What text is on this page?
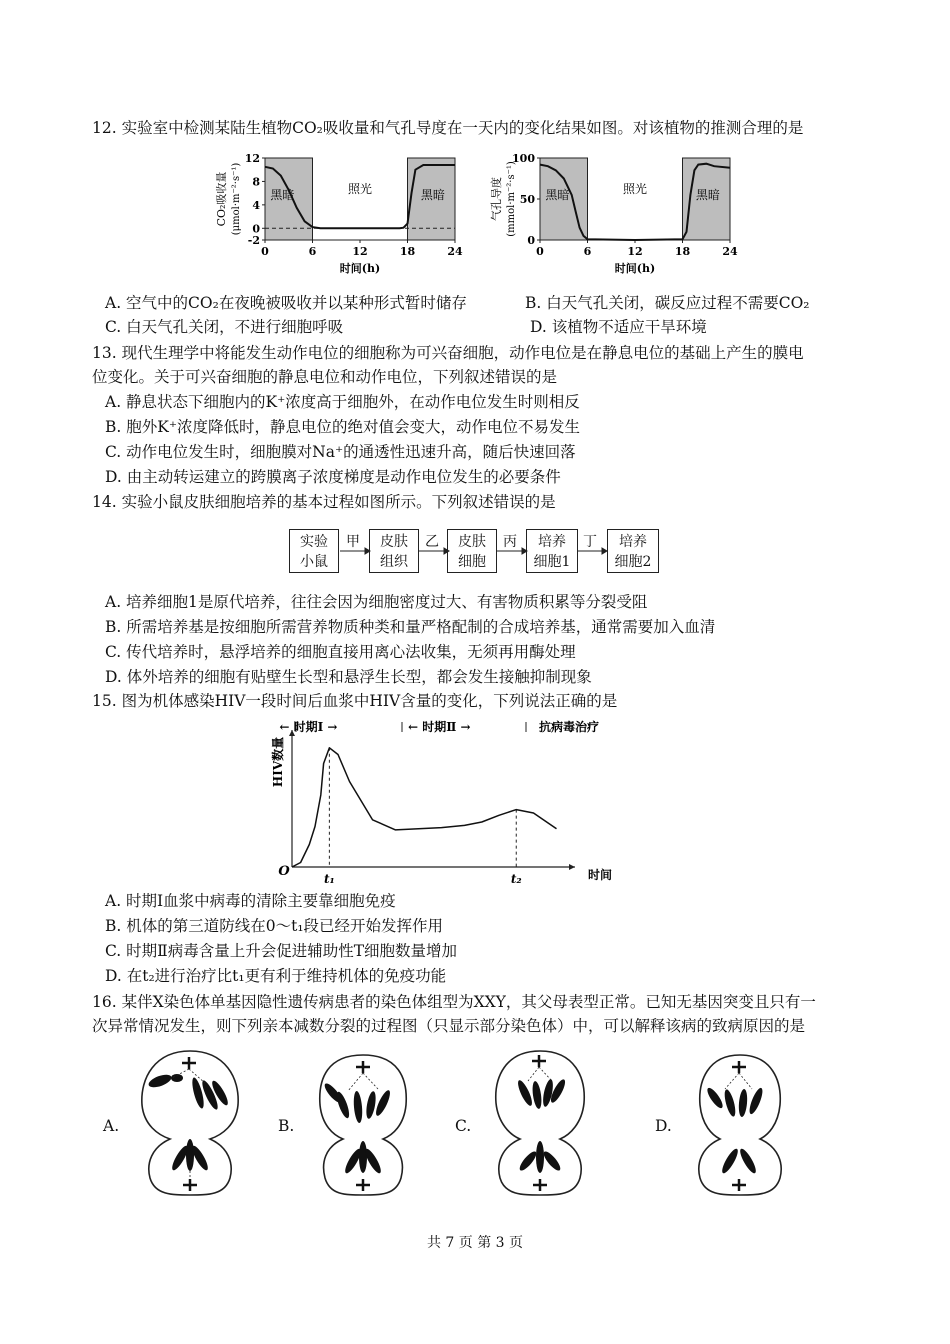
12. 实验室中检测某陆生植物CO₂吸收量和气孔导度在一天内的变化结果如图。对该植物的推测合理的是
12
8
4
0
-2
0	6	12	18	24
时间(h)
CO₂吸收量 (μmol·m⁻²·s⁻¹) 黑暗	照光	黑暗
100
50
0
0	6	12	18	24
时间(h)
气孔导度 (mmol·m⁻²·s⁻¹) 黑暗	照光	黑暗
A. 空气中的CO₂在夜晚被吸收并以某种形式暂时储存	B. 白天气孔关闭，碳反应过程不需要CO₂
C. 白天气孔关闭，不进行细胞呼吸	D. 该植物不适应干旱环境
13. 现代生理学中将能发生动作电位的细胞称为可兴奋细胞，动作电位是在静息电位的基础上产生的膜电
位变化。关于可兴奋细胞的静息电位和动作电位，下列叙述错误的是
A. 静息状态下细胞内的K⁺浓度高于细胞外，在动作电位发生时则相反
B. 胞外K⁺浓度降低时，静息电位的绝对值会变大，动作电位不易发生
C. 动作电位发生时，细胞膜对Na⁺的通透性迅速升高，随后快速回落
D. 由主动转运建立的跨膜离子浓度梯度是动作电位发生的必要条件
14. 实验小鼠皮肤细胞培养的基本过程如图所示。下列叙述错误的是
实验
小鼠
皮肤
组织
皮肤
细胞
培养
细胞1
培养
细胞2
甲	乙	丙	丁
A. 培养细胞1是原代培养，往往会因为细胞密度过大、有害物质积累等分裂受阻
B. 所需培养基是按细胞所需营养物质种类和量严格配制的合成培养基，通常需要加入血清
C. 传代培养时，悬浮培养的细胞直接用离心法收集，无须再用酶处理
D. 体外培养的细胞有贴壁生长型和悬浮生长型，都会发生接触抑制现象
15. 图为机体感染HIV一段时间后血浆中HIV含量的变化，下列说法正确的是
O	时间
HIV数量
t₁	t₂
← 时期Ⅰ →	← 时期Ⅱ →	抗病毒治疗
A. 时期Ⅰ血浆中病毒的清除主要靠细胞免疫
B. 机体的第三道防线在0～t₁段已经开始发挥作用
C. 时期Ⅱ病毒含量上升会促进辅助性T细胞数量增加
D. 在t₂进行治疗比t₁更有利于维持机体的免疫功能
16. 某伴X染色体单基因隐性遗传病患者的染色体组型为XXY，其父母表型正常。已知无基因突变且只有一
次异常情况发生，则下列亲本减数分裂的过程图（只显示部分染色体）中，可以解释该病的致病原因的是
A.	B.	C.	D.
共 7 页 第 3 页
